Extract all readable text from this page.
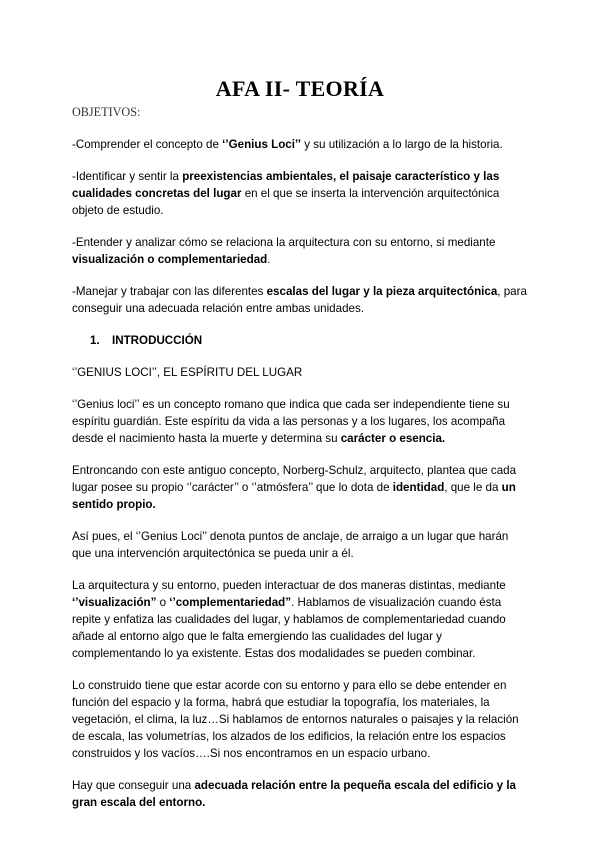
AFA II- TEORÍA

OBJETIVOS:

-Comprender el concepto de ‘’Genius Loci’’ y su utilización a lo largo de la historia.

-Identificar y sentir la preexistencias ambientales, el paisaje característico y las cualidades concretas del lugar en el que se inserta la intervención arquitectónica objeto de estudio.

-Entender y analizar cómo se relaciona la arquitectura con su entorno, si mediante visualización o complementariedad.

-Manejar y trabajar con las diferentes escalas del lugar y la pieza arquitectónica, para conseguir una adecuada relación entre ambas unidades.

1. INTRODUCCIÓN

‘’GENIUS LOCI’’, EL ESPÍRITU DEL LUGAR

‘’Genius loci’’ es un concepto romano que indica que cada ser independiente tiene su espíritu guardián. Este espíritu da vida a las personas y a los lugares, los acompaña desde el nacimiento hasta la muerte y determina su carácter o esencia.

Entroncando con este antiguo concepto, Norberg-Schulz, arquitecto, plantea que cada lugar posee su propio ‘’carácter’’ o ‘’atmósfera’’ que lo dota de identidad, que le da un sentido propio.

Así pues, el ‘’Genius Loci’’ denota puntos de anclaje, de arraigo a un lugar que harán que una intervención arquitectónica se pueda unir a él.

La arquitectura y su entorno, pueden interactuar de dos maneras distintas, mediante ‘’visualización” o ‘’complementariedad”. Hablamos de visualización cuando ésta repite y enfatiza las cualidades del lugar, y hablamos de complementariedad cuando añade al entorno algo que le falta emergiendo las cualidades del lugar y complementando lo ya existente. Estas dos modalidades se pueden combinar.

Lo construido tiene que estar acorde con su entorno y para ello se debe entender en función del espacio y la forma, habrá que estudiar la topografía, los materiales, la vegetación, el clima, la luz…Si hablamos de entornos naturales o paisajes y la relación de escala, las volumetrías, los alzados de los edificios, la relación entre los espacios construidos y los vacíos….Si nos encontramos en un espacio urbano.

Hay que conseguir una adecuada relación entre la pequeña escala del edificio y la gran escala del entorno.
